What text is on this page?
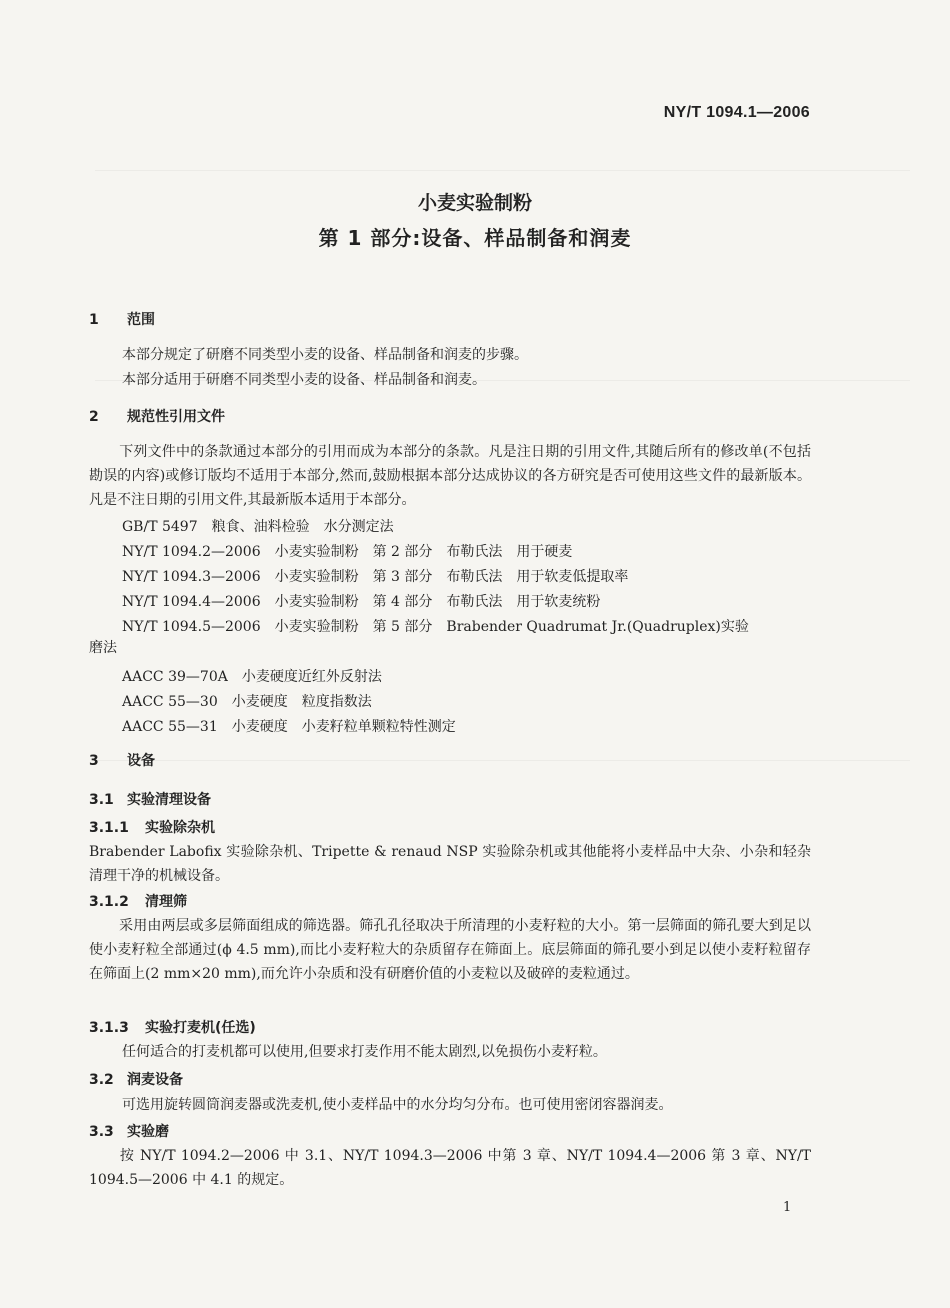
NY/T 1094.1—2006
小麦实验制粉
第 1 部分:设备、样品制备和润麦
1 范围
本部分规定了研磨不同类型小麦的设备、样品制备和润麦的步骤。
本部分适用于研磨不同类型小麦的设备、样品制备和润麦。
2 规范性引用文件
下列文件中的条款通过本部分的引用而成为本部分的条款。凡是注日期的引用文件,其随后所有的修改单(不包括勘误的内容)或修订版均不适用于本部分,然而,鼓励根据本部分达成协议的各方研究是否可使用这些文件的最新版本。凡是不注日期的引用文件,其最新版本适用于本部分。
GB/T 5497　粮食、油料检验　水分测定法
NY/T 1094.2—2006　小麦实验制粉　第 2 部分　布勒氏法　用于硬麦
NY/T 1094.3—2006　小麦实验制粉　第 3 部分　布勒氏法　用于软麦低提取率
NY/T 1094.4—2006　小麦实验制粉　第 4 部分　布勒氏法　用于软麦统粉
NY/T 1094.5—2006　小麦实验制粉　第 5 部分　Brabender Quadrumat Jr.(Quadruplex)实验
磨法
AACC 39—70A　小麦硬度近红外反射法
AACC 55—30　小麦硬度　粒度指数法
AACC 55—31　小麦硬度　小麦籽粒单颗粒特性测定
3 设备
3.1 实验清理设备
3.1.1 实验除杂机
Brabender Labofix 实验除杂机、Tripette & renaud NSP 实验除杂机或其他能将小麦样品中大杂、小杂和轻杂清理干净的机械设备。
3.1.2 清理筛
采用由两层或多层筛面组成的筛选器。筛孔孔径取决于所清理的小麦籽粒的大小。第一层筛面的筛孔要大到足以使小麦籽粒全部通过(ϕ 4.5 mm),而比小麦籽粒大的杂质留存在筛面上。底层筛面的筛孔要小到足以使小麦籽粒留存在筛面上(2 mm×20 mm),而允许小杂质和没有研磨价值的小麦粒以及破碎的麦粒通过。
3.1.3 实验打麦机(任选)
任何适合的打麦机都可以使用,但要求打麦作用不能太剧烈,以免损伤小麦籽粒。
3.2 润麦设备
可选用旋转圆筒润麦器或洗麦机,使小麦样品中的水分均匀分布。也可使用密闭容器润麦。
3.3 实验磨
按 NY/T 1094.2—2006 中 3.1、NY/T 1094.3—2006 中第 3 章、NY/T 1094.4—2006 第 3 章、NY/T 1094.5—2006 中 4.1 的规定。
1
